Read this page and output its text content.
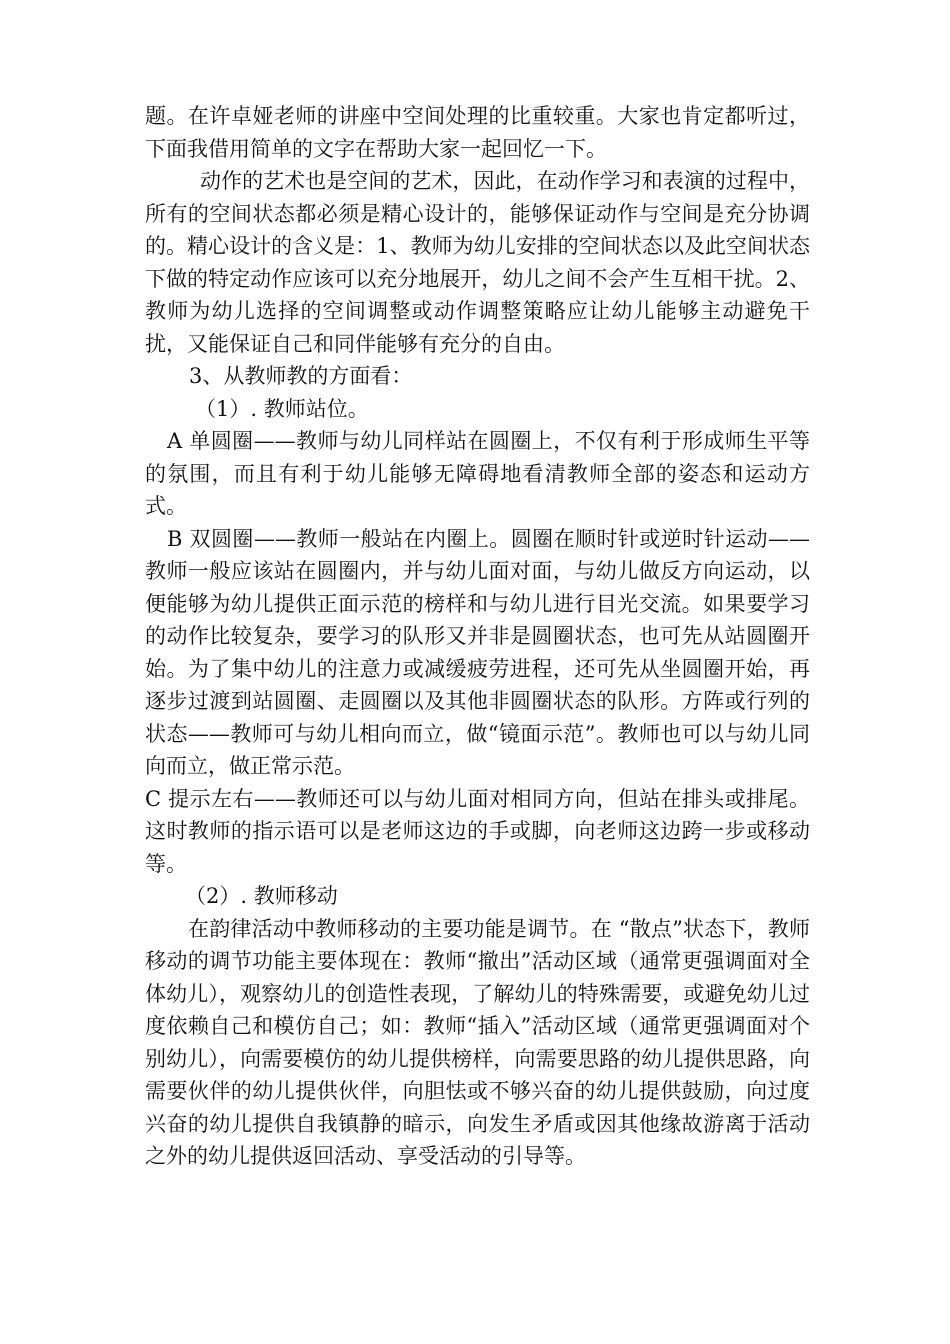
题。在许卓娅老师的讲座中空间处理的比重较重。大家也肯定都听过，下面我借用简单的文字在帮助大家一起回忆一下。

动作的艺术也是空间的艺术，因此，在动作学习和表演的过程中，所有的空间状态都必须是精心设计的，能够保证动作与空间是充分协调的。精心设计的含义是：1、教师为幼儿安排的空间状态以及此空间状态下做的特定动作应该可以充分地展开，幼儿之间不会产生互相干扰。2、教师为幼儿选择的空间调整或动作调整策略应让幼儿能够主动避免干扰，又能保证自己和同伴能够有充分的自由。

3、从教师教的方面看：

（1）. 教师站位。

A 单圆圈——教师与幼儿同样站在圆圈上，不仅有利于形成师生平等的氛围，而且有利于幼儿能够无障碍地看清教师全部的姿态和运动方式。

B 双圆圈——教师一般站在内圈上。圆圈在顺时针或逆时针运动——教师一般应该站在圆圈内，并与幼儿面对面，与幼儿做反方向运动，以便能够为幼儿提供正面示范的榜样和与幼儿进行目光交流。如果要学习的动作比较复杂，要学习的队形又并非是圆圈状态，也可先从站圆圈开始。为了集中幼儿的注意力或减缓疲劳进程，还可先从坐圆圈开始，再逐步过渡到站圆圈、走圆圈以及其他非圆圈状态的队形。方阵或行列的状态——教师可与幼儿相向而立，做“镜面示范”。教师也可以与幼儿同向而立，做正常示范。

C 提示左右——教师还可以与幼儿面对相同方向，但站在排头或排尾。这时教师的指示语可以是老师这边的手或脚，向老师这边跨一步或移动等。

（2）. 教师移动

在韵律活动中教师移动的主要功能是调节。在 “散点”状态下，教师移动的调节功能主要体现在：教师“撤出”活动区域（通常更强调面对全体幼儿），观察幼儿的创造性表现，了解幼儿的特殊需要，或避免幼儿过度依赖自己和模仿自己；如：教师“插入”活动区域（通常更强调面对个别幼儿），向需要模仿的幼儿提供榜样，向需要思路的幼儿提供思路，向需要伙伴的幼儿提供伙伴，向胆怯或不够兴奋的幼儿提供鼓励，向过度兴奋的幼儿提供自我镇静的暗示，向发生矛盾或因其他缘故游离于活动之外的幼儿提供返回活动、享受活动的引导等。
